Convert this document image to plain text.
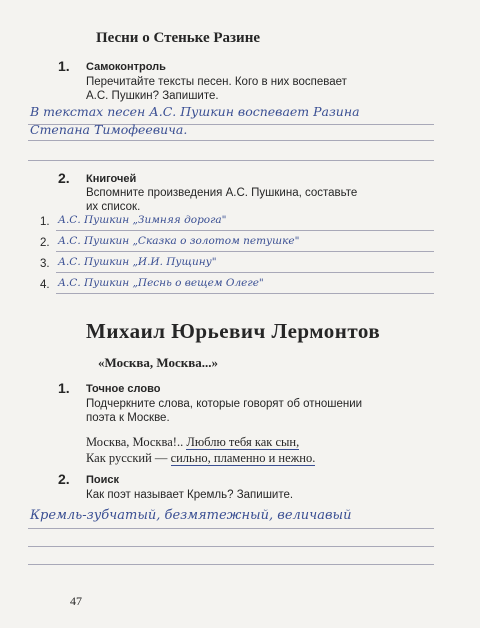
Песни о Стеньке Разине
1. Самоконтроль
Перечитайте тексты песен. Кого в них воспевает
А.С. Пушкин? Запишите.
В текстах песен А.С. Пушкин воспевает Разина
Степана Тимофеевича.
2. Книгочей
Вспомните произведения А.С. Пушкина, составьте
их список.
1. А.С. Пушкин „Зимняя дорога"
2. А.С. Пушкин „Сказка о золотом петушке"
3. А.С. Пушкин „И.И. Пущину"
4. А.С. Пушкин „Песнь о вещем Олеге"
Михаил Юрьевич Лермонтов
«Москва, Москва...»
1. Точное слово
Подчеркните слова, которые говорят об отношении
поэта к Москве.
Москва, Москва!.. Люблю тебя как сын,
Как русский — сильно, пламенно и нежно.
2. Поиск
Как поэт называет Кремль? Запишите.
Кремль-зубчатый, безмятежный, величавый
47
